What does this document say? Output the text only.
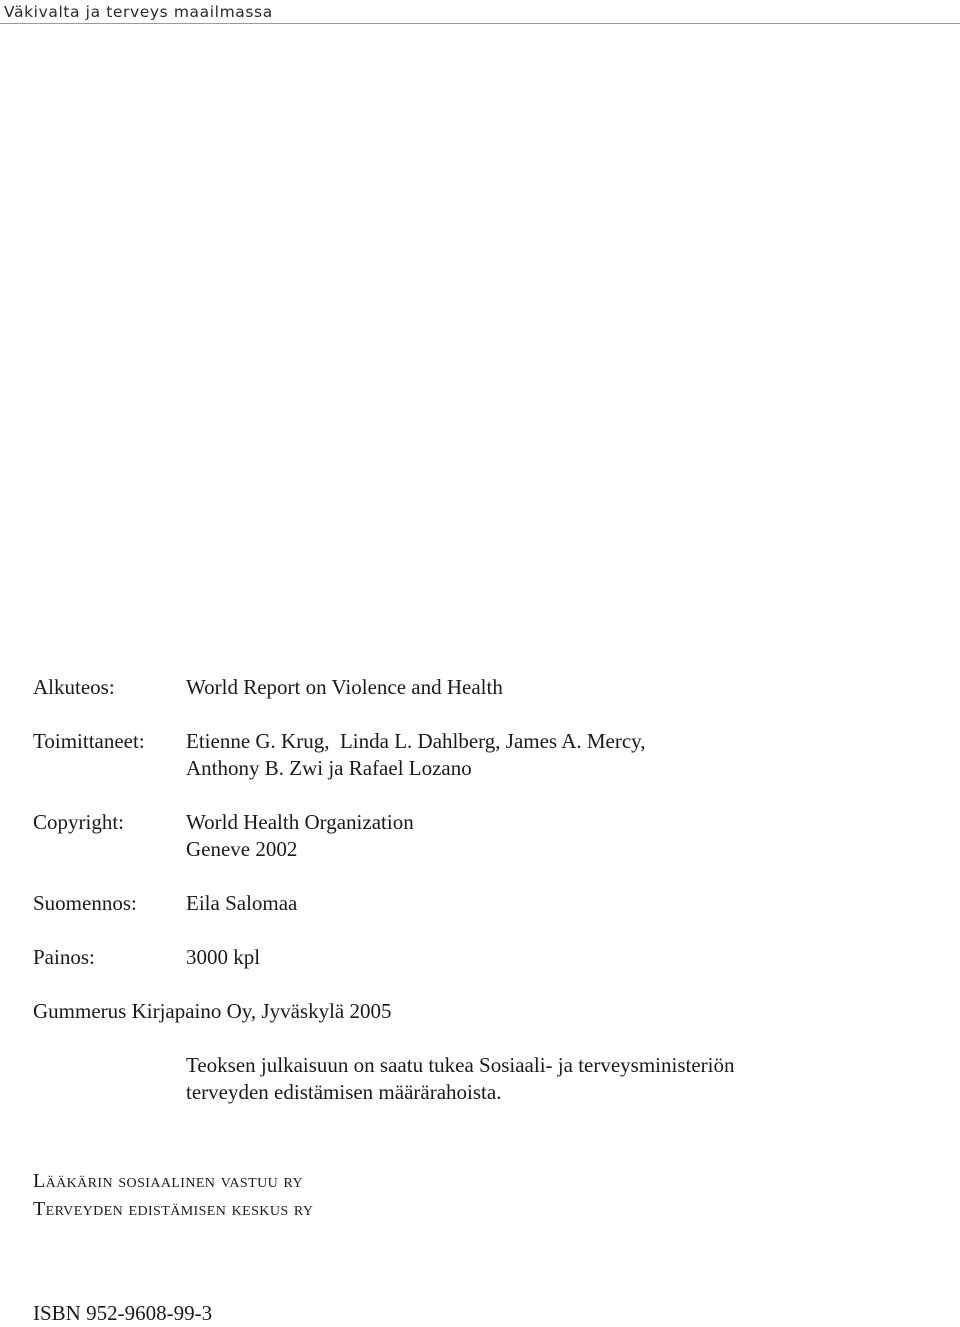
Väkivalta ja terveys maailmassa
Alkuteos:	World Report on Violence and Health
Toimittaneet:	Etienne G. Krug,  Linda L. Dahlberg, James A. Mercy,
Anthony B. Zwi ja Rafael Lozano
Copyright:	World Health Organization
Geneve 2002
Suomennos:	Eila Salomaa
Painos:	3000 kpl
Gummerus Kirjapaino Oy, Jyväskylä 2005
Teoksen julkaisuun on saatu tukea Sosiaali- ja terveysministeriön
terveyden edistämisen määrärahoista.
Lääkärin sosiaalinen vastuu ry
Terveyden edistämisen keskus ry
ISBN 952-9608-99-3
